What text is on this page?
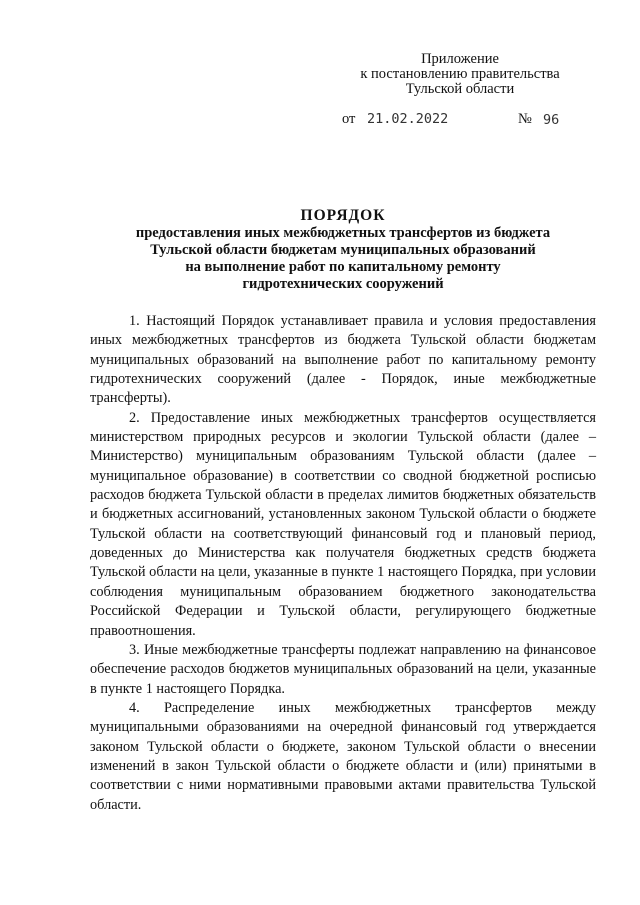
Приложение
к постановлению правительства
Тульской области
от 21.02.2022	№ 96
ПОРЯДОК
предоставления иных межбюджетных трансфертов из бюджета
Тульской области бюджетам муниципальных образований
на выполнение работ по капитальному ремонту
гидротехнических сооружений

1. Настоящий Порядок устанавливает правила и условия предоставления иных межбюджетных трансфертов из бюджета Тульской области бюджетам муниципальных образований на выполнение работ по капитальному ремонту гидротехнических сооружений (далее - Порядок, иные межбюджетные трансферты).

2. Предоставление иных межбюджетных трансфертов осуществляется министерством природных ресурсов и экологии Тульской области (далее – Министерство) муниципальным образованиям Тульской области (далее – муниципальное образование) в соответствии со сводной бюджетной росписью расходов бюджета Тульской области в пределах лимитов бюджетных обязательств и бюджетных ассигнований, установленных законом Тульской области о бюджете Тульской области на соответствующий финансовый год и плановый период, доведенных до Министерства как получателя бюджетных средств бюджета Тульской области на цели, указанные в пункте 1 настоящего Порядка, при условии соблюдения муниципальным образованием бюджетного законодательства Российской Федерации и Тульской области, регулирующего бюджетные правоотношения.

3. Иные межбюджетные трансферты подлежат направлению на финансовое обеспечение расходов бюджетов муниципальных образований на цели, указанные в пункте 1 настоящего Порядка.

4. Распределение иных межбюджетных трансфертов между муниципальными образованиями на очередной финансовый год утверждается законом Тульской области о бюджете, законом Тульской области о внесении изменений в закон Тульской области о бюджете области и (или) принятыми в соответствии с ними нормативными правовыми актами правительства Тульской области.
